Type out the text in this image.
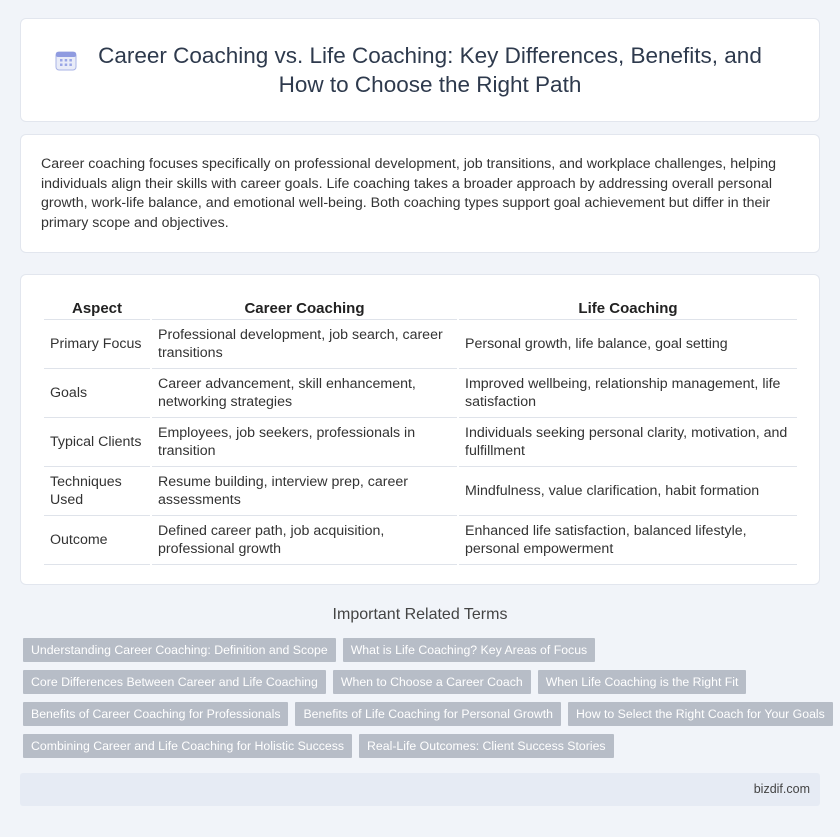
Career Coaching vs. Life Coaching: Key Differences, Benefits, and How to Choose the Right Path

Career coaching focuses specifically on professional development, job transitions, and workplace challenges, helping individuals align their skills with career goals. Life coaching takes a broader approach by addressing overall personal growth, work-life balance, and emotional well-being. Both coaching types support goal achievement but differ in their primary scope and objectives.

Aspect	Career Coaching	Life Coaching
Primary Focus	Professional development, job search, career transitions	Personal growth, life balance, goal setting
Goals	Career advancement, skill enhancement, networking strategies	Improved wellbeing, relationship management, life satisfaction
Typical Clients	Employees, job seekers, professionals in transition	Individuals seeking personal clarity, motivation, and fulfillment
Techniques Used	Resume building, interview prep, career assessments	Mindfulness, value clarification, habit formation
Outcome	Defined career path, job acquisition, professional growth	Enhanced life satisfaction, balanced lifestyle, personal empowerment
Important Related Terms
Understanding Career Coaching: Definition and Scope	What is Life Coaching? Key Areas of Focus
Core Differences Between Career and Life Coaching	When to Choose a Career Coach	When Life Coaching is the Right Fit
Benefits of Career Coaching for Professionals	Benefits of Life Coaching for Personal Growth	How to Select the Right Coach for Your Goals
Combining Career and Life Coaching for Holistic Success	Real-Life Outcomes: Client Success Stories
bizdif.com
